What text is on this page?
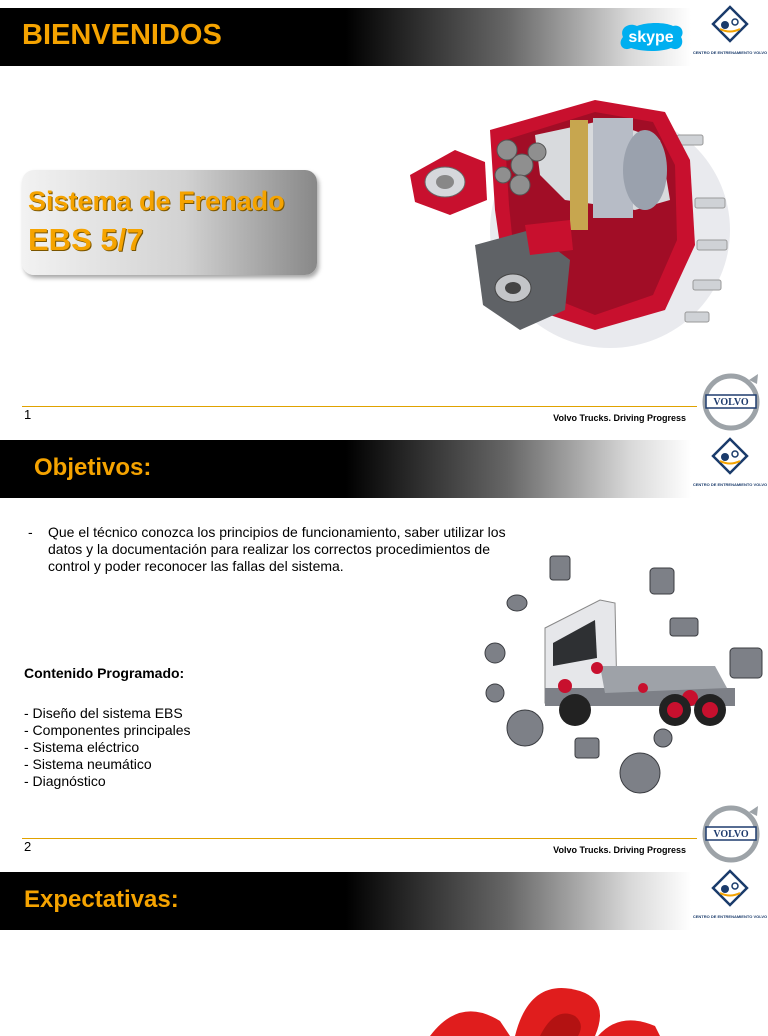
BIENVENIDOS	skype
CENTRO DE ENTRENAMIENTO VOLVO
Sistema de Frenado
EBS 5/7
1	Volvo Trucks. Driving Progress
VOLVO
Objetivos:
CENTRO DE ENTRENAMIENTO VOLVO
- Que el técnico conozca los principios de funcionamiento, saber utilizar los datos y la documentación para realizar los correctos procedimientos de control y poder reconocer las fallas del sistema.
Contenido Programado:
- Diseño del sistema EBS
- Componentes principales
- Sistema eléctrico
- Sistema neumático
- Diagnóstico
2	Volvo Trucks. Driving Progress
VOLVO
Expectativas:
CENTRO DE ENTRENAMIENTO VOLVO
